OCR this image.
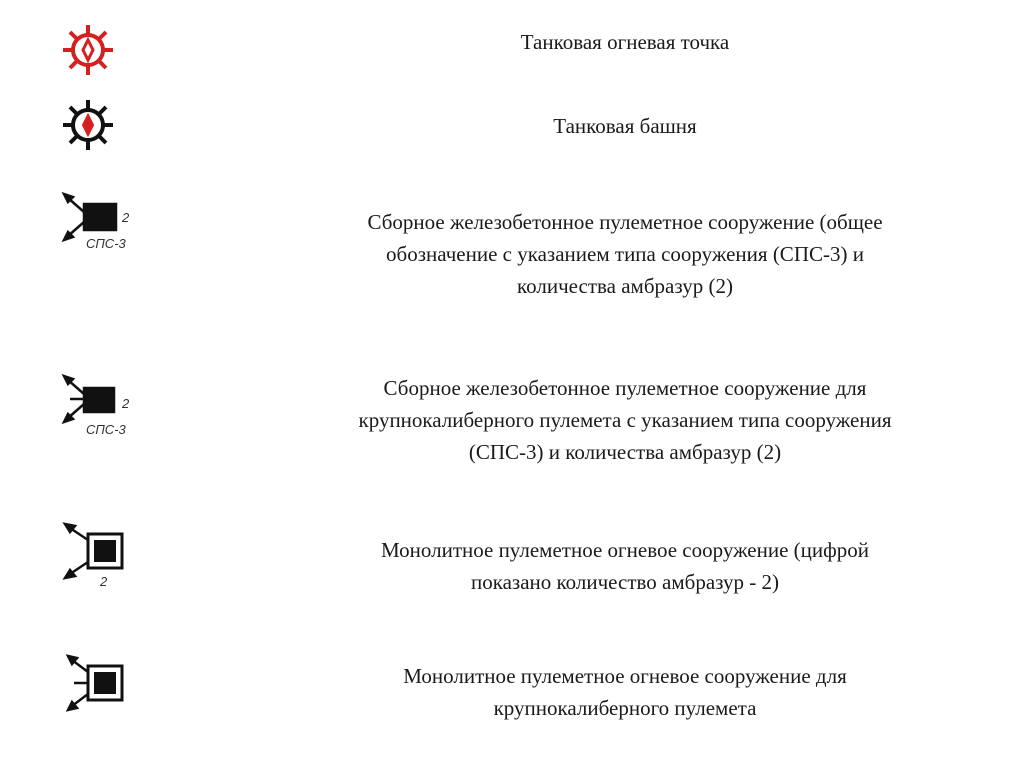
Танковая огневая точка
Танковая башня
2
СПС-3
Сборное железобетонное пулеметное сооружение (общее
обозначение с указанием типа сооружения (СПС-3) и
количества амбразур (2)
2
СПС-3
Сборное железобетонное пулеметное сооружение для
крупнокалиберного пулемета с указанием типа сооружения
(СПС-3) и количества амбразур (2)
2
Монолитное пулеметное огневое сооружение (цифрой
показано количество амбразур - 2)
Монолитное пулеметное огневое сооружение для
крупнокалиберного пулемета
